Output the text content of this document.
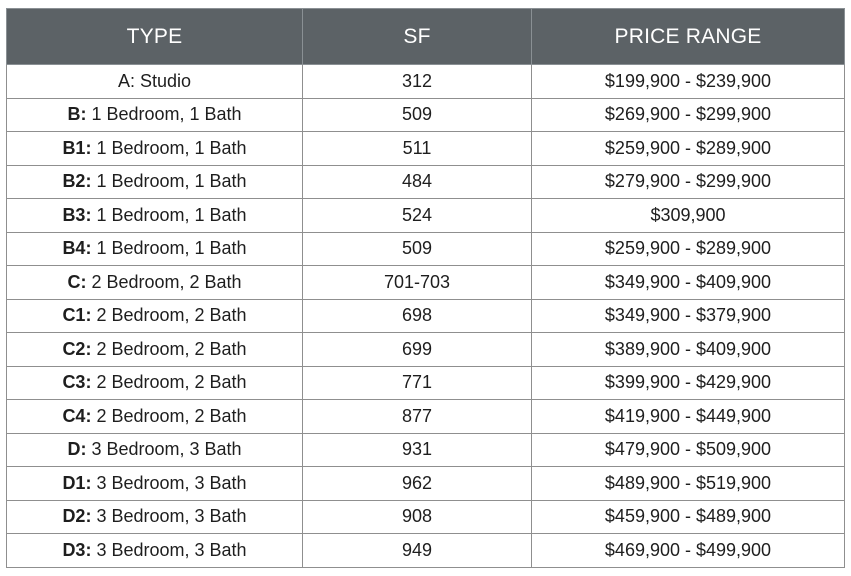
TYPE	SF	PRICE RANGE
A: Studio	312	$199,900 - $239,900
B: 1 Bedroom, 1 Bath	509	$269,900 - $299,900
B1: 1 Bedroom, 1 Bath	511	$259,900 - $289,900
B2: 1 Bedroom, 1 Bath	484	$279,900 - $299,900
B3: 1 Bedroom, 1 Bath	524	$309,900
B4: 1 Bedroom, 1 Bath	509	$259,900 - $289,900
C: 2 Bedroom, 2 Bath	701-703	$349,900 - $409,900
C1: 2 Bedroom, 2 Bath	698	$349,900 - $379,900
C2: 2 Bedroom, 2 Bath	699	$389,900 - $409,900
C3: 2 Bedroom, 2 Bath	771	$399,900 - $429,900
C4: 2 Bedroom, 2 Bath	877	$419,900 - $449,900
D: 3 Bedroom, 3 Bath	931	$479,900 - $509,900
D1: 3 Bedroom, 3 Bath	962	$489,900 - $519,900
D2: 3 Bedroom, 3 Bath	908	$459,900 - $489,900
D3: 3 Bedroom, 3 Bath	949	$469,900 - $499,900
